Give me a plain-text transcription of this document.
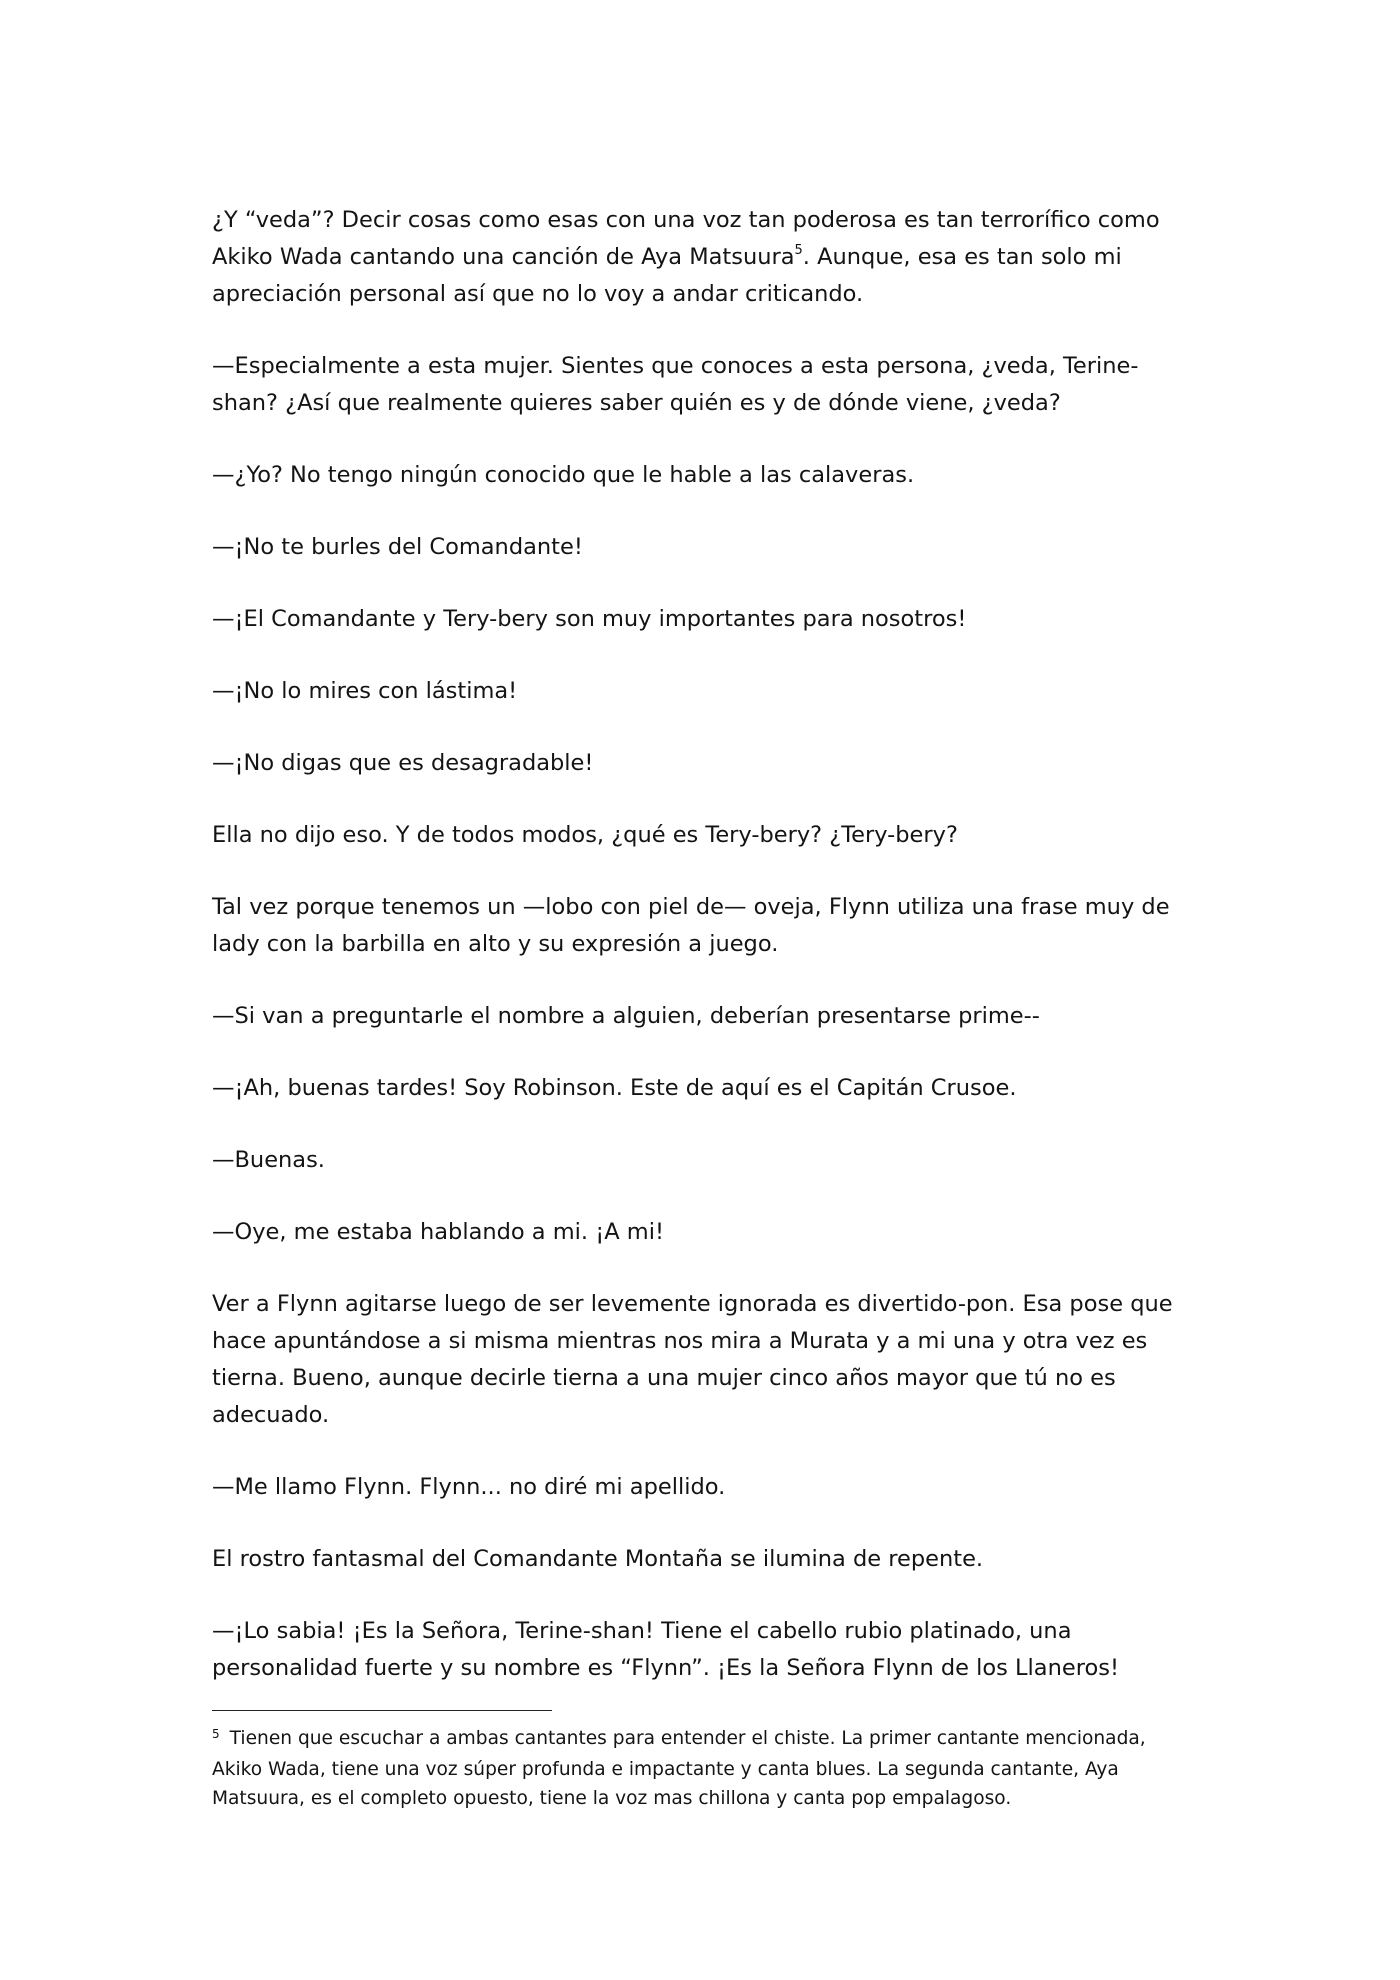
¿Y “veda”? Decir cosas como esas con una voz tan poderosa es tan terrorífico como Akiko Wada cantando una canción de Aya Matsuura$^5$. Aunque, esa es tan solo mi apreciación personal así que no lo voy a andar criticando.

—Especialmente a esta mujer. Sientes que conoces a esta persona, ¿veda, Terine-shan? ¿Así que realmente quieres saber quién es y de dónde viene, ¿veda?

—¿Yo? No tengo ningún conocido que le hable a las calaveras.

—¡No te burles del Comandante!

—¡El Comandante y Tery-bery son muy importantes para nosotros!

—¡No lo mires con lástima!

—¡No digas que es desagradable!

Ella no dijo eso. Y de todos modos, ¿qué es Tery-bery? ¿Tery-bery?

Tal vez porque tenemos un —lobo con piel de— oveja, Flynn utiliza una frase muy de lady con la barbilla en alto y su expresión a juego.

—Si van a preguntarle el nombre a alguien, deberían presentarse prime--

—¡Ah, buenas tardes! Soy Robinson. Este de aquí es el Capitán Crusoe.

—Buenas.

—Oye, me estaba hablando a mi. ¡A mi!

Ver a Flynn agitarse luego de ser levemente ignorada es divertido-pon. Esa pose que hace apuntándose a si misma mientras nos mira a Murata y a mi una y otra vez es tierna. Bueno, aunque decirle tierna a una mujer cinco años mayor que tú no es adecuado.

—Me llamo Flynn. Flynn... no diré mi apellido.

El rostro fantasmal del Comandante Montaña se ilumina de repente.

—¡Lo sabia! ¡Es la Señora, Terine-shan! Tiene el cabello rubio platinado, una personalidad fuerte y su nombre es “Flynn”. ¡Es la Señora Flynn de los Llaneros!

$^5$ Tienen que escuchar a ambas cantantes para entender el chiste. La primer cantante mencionada, Akiko Wada, tiene una voz súper profunda e impactante y canta blues. La segunda cantante, Aya Matsuura, es el completo opuesto, tiene la voz mas chillona y canta pop empalagoso.
